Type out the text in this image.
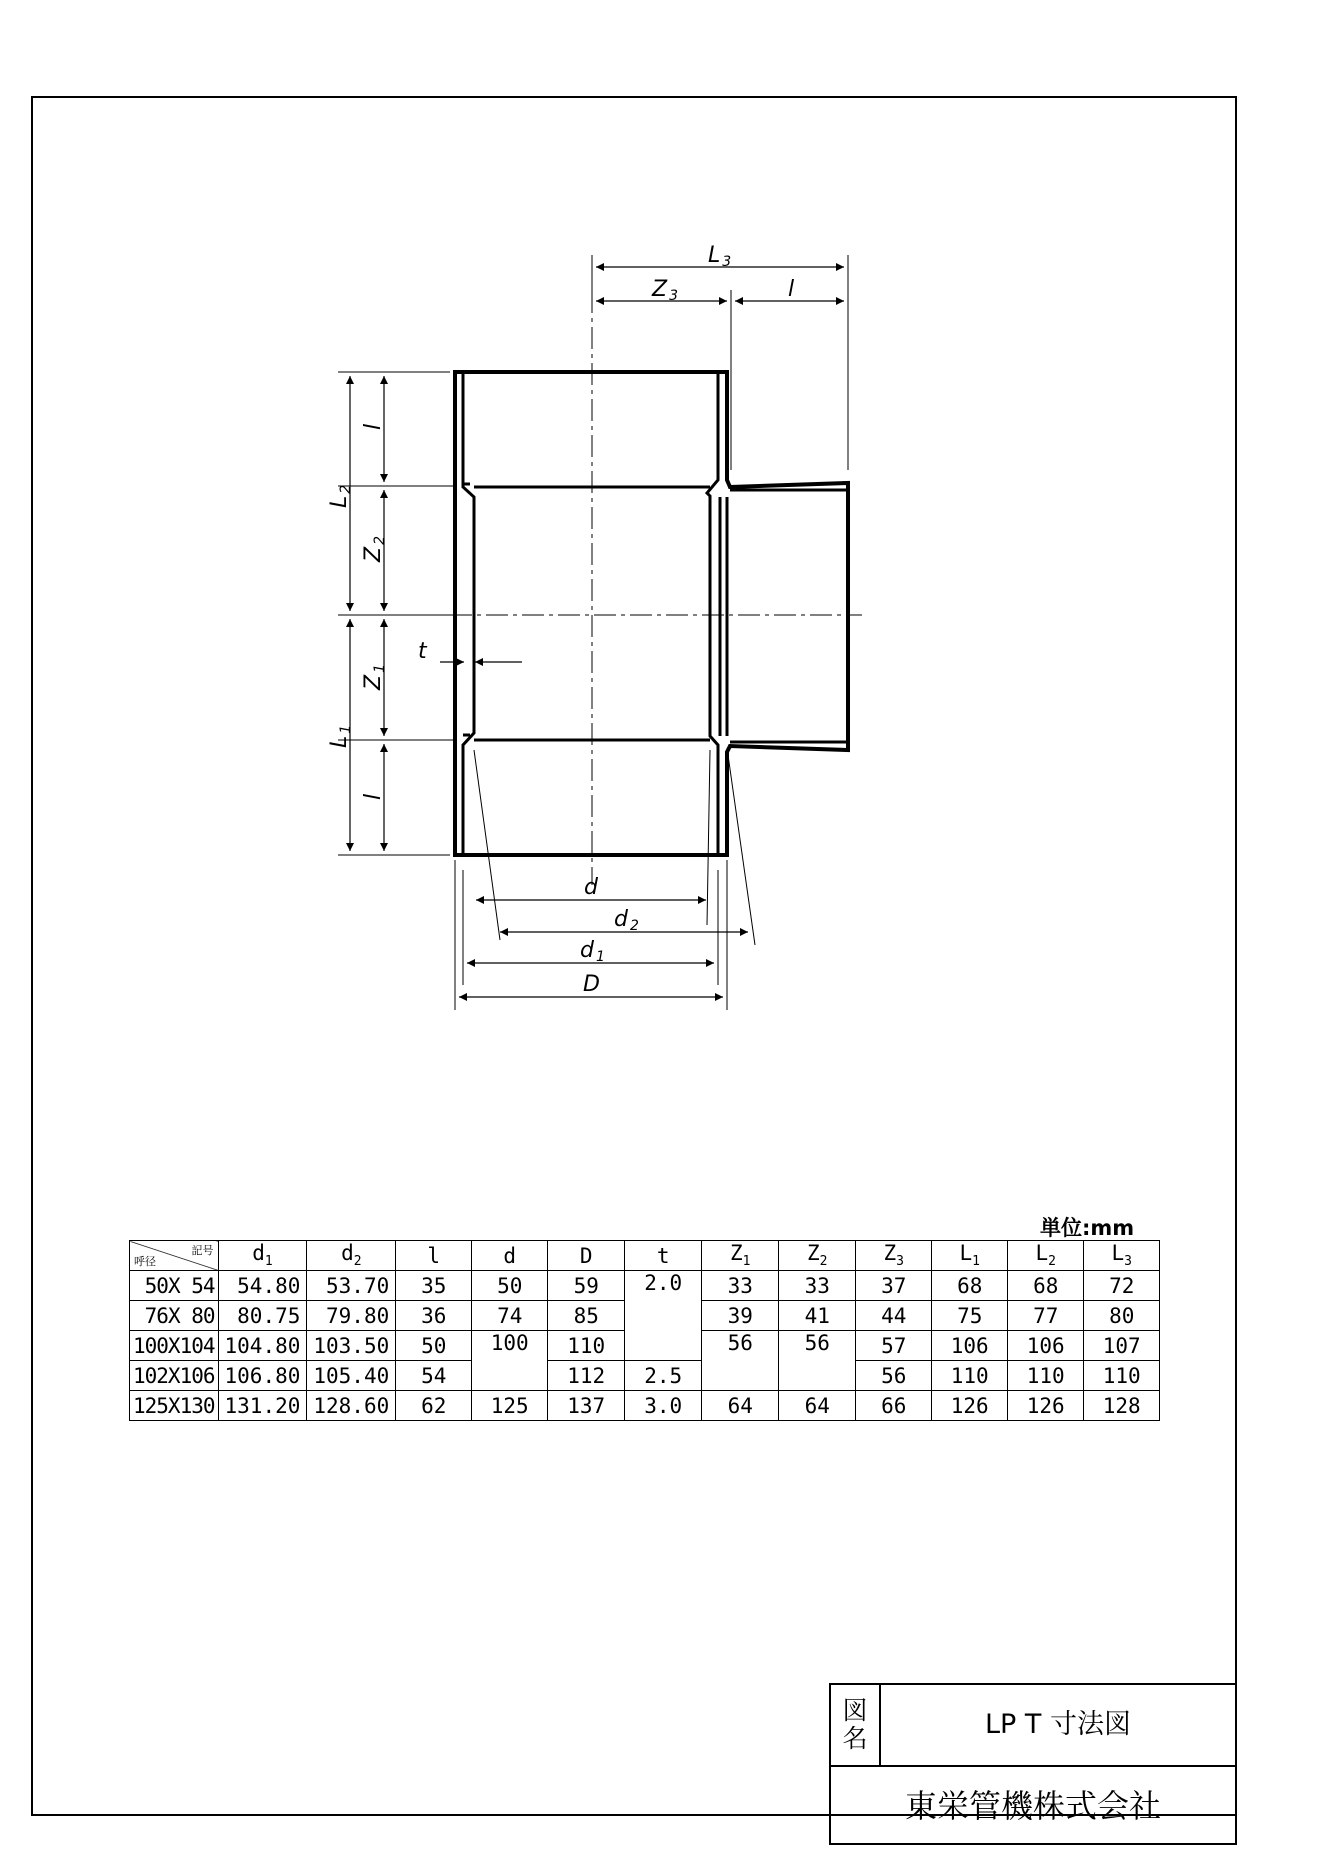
L 3
Z 3	l
L2
l
Z2
t
Z1
L1
l
d
d 2
d 1
D
単位:mm
記号
呼径	$d_1$	$d_2$	l	d	D	t	$Z_1$	$Z_2$	$Z_3$	$L_1$	$L_2$	$L_3$
50X 54	54.80	53.70	35	50	59	2.0	33	33	37	68	68	72
76X 80	80.75	79.80	36	74	85		39	41	44	75	77	80
100X104	104.80	103.50	50	100	110		56	56	57	106	106	107
102X106	106.80	105.40	54		112	2.5			56	110	110	110
125X130	131.20	128.60	62	125	137	3.0	64	64	66	126	126	128
図
名	LP T 寸法図
東栄管機株式会社
